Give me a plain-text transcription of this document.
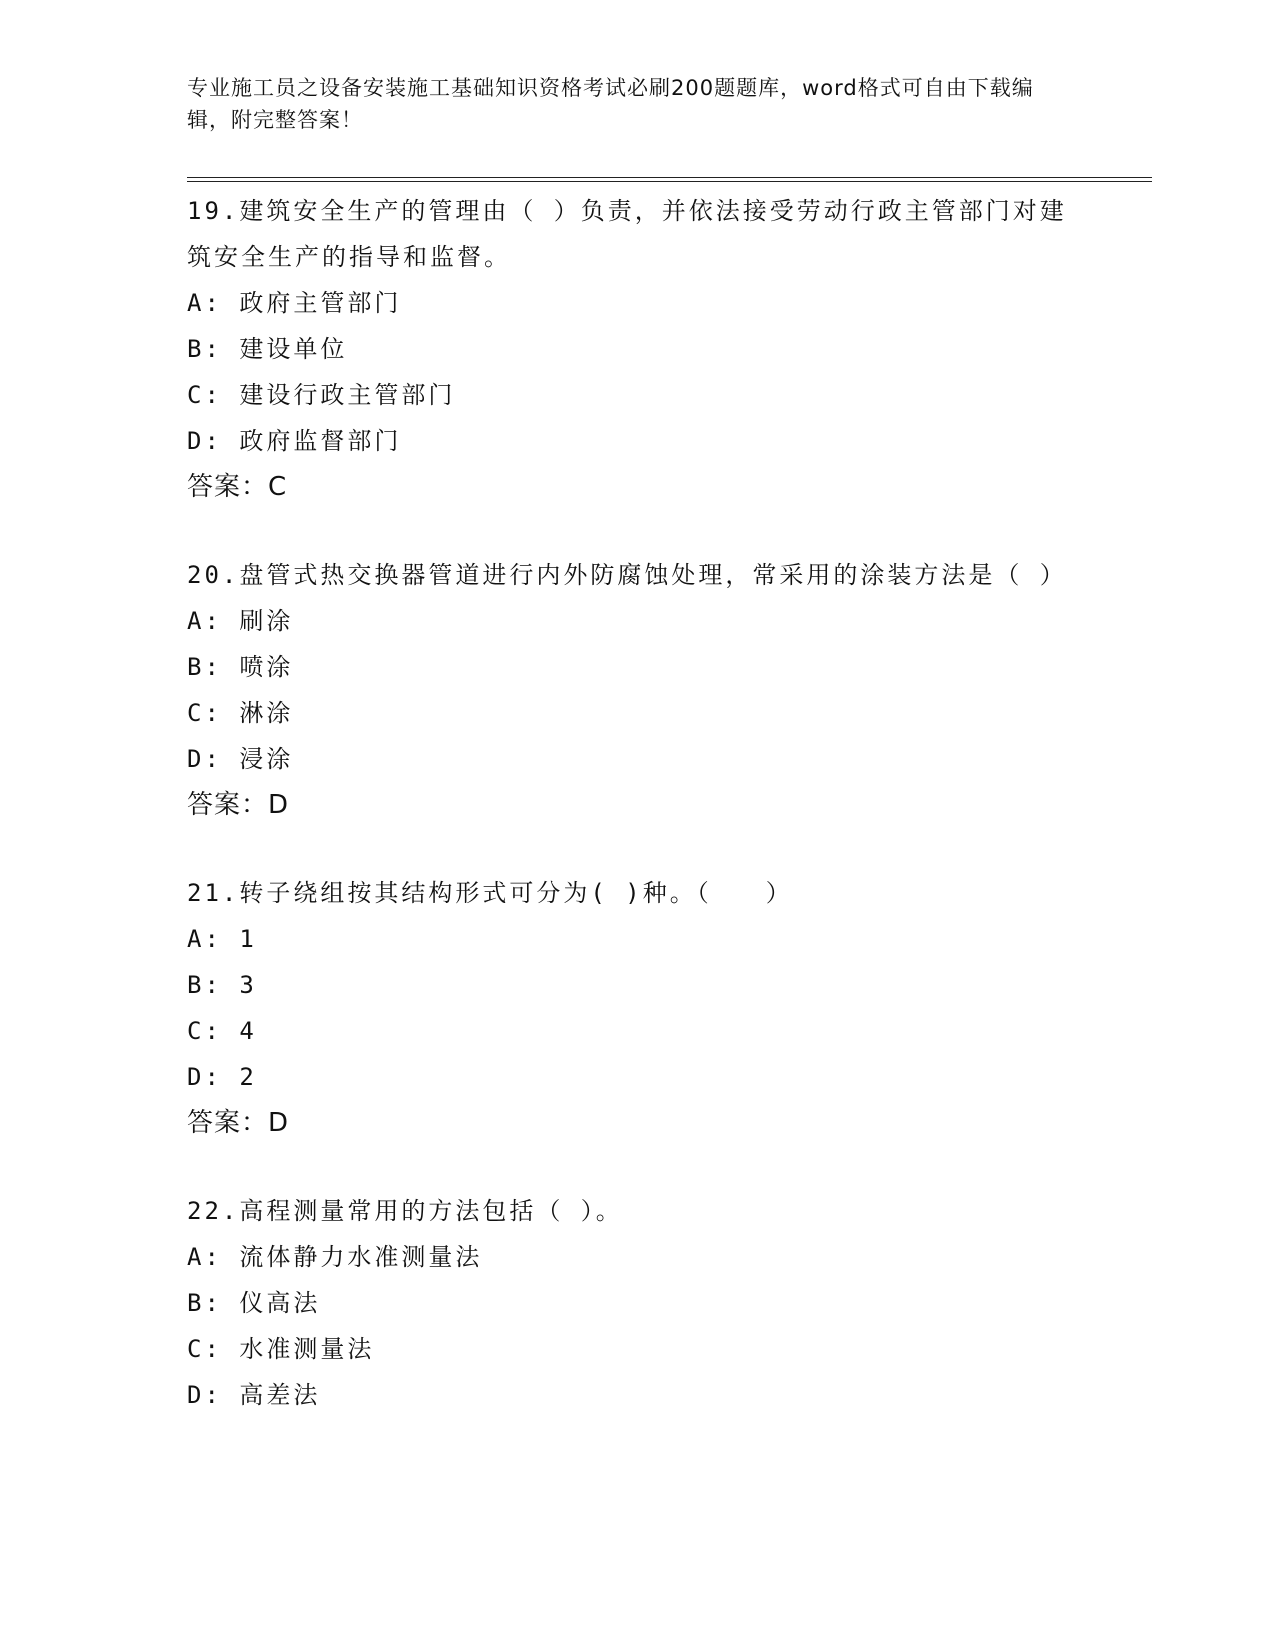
专业施工员之设备安装施工基础知识资格考试必刷200题题库，word格式可自由下载编辑，附完整答案！
19.建筑安全生产的管理由（ ）负责，并依法接受劳动行政主管部门对建筑安全生产的指导和监督。
A: 政府主管部门
B: 建设单位
C: 建设行政主管部门
D: 政府监督部门
答案：C
20.盘管式热交换器管道进行内外防腐蚀处理，常采用的涂装方法是（ ）
A: 刷涂
B: 喷涂
C: 淋涂
D: 浸涂
答案：D
21.转子绕组按其结构形式可分为( )种。（　　）
A: 1
B: 3
C: 4
D: 2
答案：D
22.高程测量常用的方法包括（ ）。
A: 流体静力水准测量法
B: 仪高法
C: 水准测量法
D: 高差法
